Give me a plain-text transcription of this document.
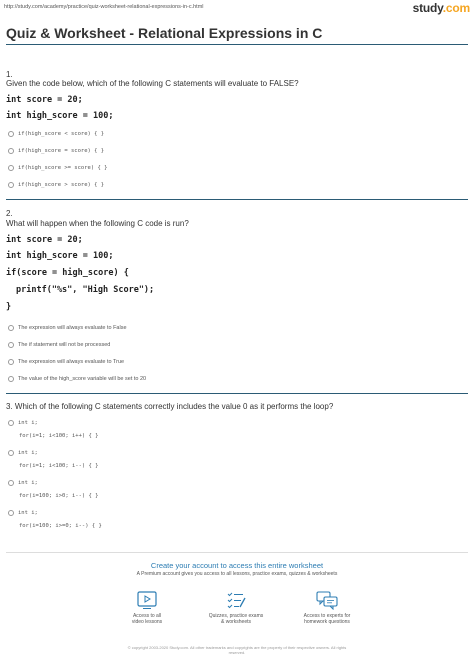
http://study.com/academy/practice/quiz-worksheet-relational-expressions-in-c.html	study.com
Quiz & Worksheet - Relational Expressions in C
1.
Given the code below, which of the following C statements will evaluate to FALSE?
int score = 20;
int high_score = 100;
if(high_score < score) { }
if(high_score = score) { }
if(high_score >= score) { }
if(high_score > score) { }
2.
What will happen when the following C code is run?
int score = 20;
int high_score = 100;
if(score = high_score) {
printf("%s", "High Score");
}
The expression will always evaluate to False
The if statement will not be processed
The expression will always evaluate to True
The value of the high_score variable will be set to 20
3. Which of the following C statements correctly includes the value 0 as it performs the loop?
int i;
for(i=1; i<100; i++) { }
int i;
for(i=1; i<100; i--) { }
int i;
for(i=100; i>0; i--) { }
int i;
for(i=100; i>=0; i--) { }
Create your account to access this entire worksheet
A Premium account gives you access to all lessons, practice exams, quizzes & worksheets
Access to all
video lessons
Quizzes, practice exams
& worksheets
Access to experts for
homework questions
© copyright 2003-2020 Study.com. All other trademarks and copyrights are the property of their respective owners. All rights
reserved.
